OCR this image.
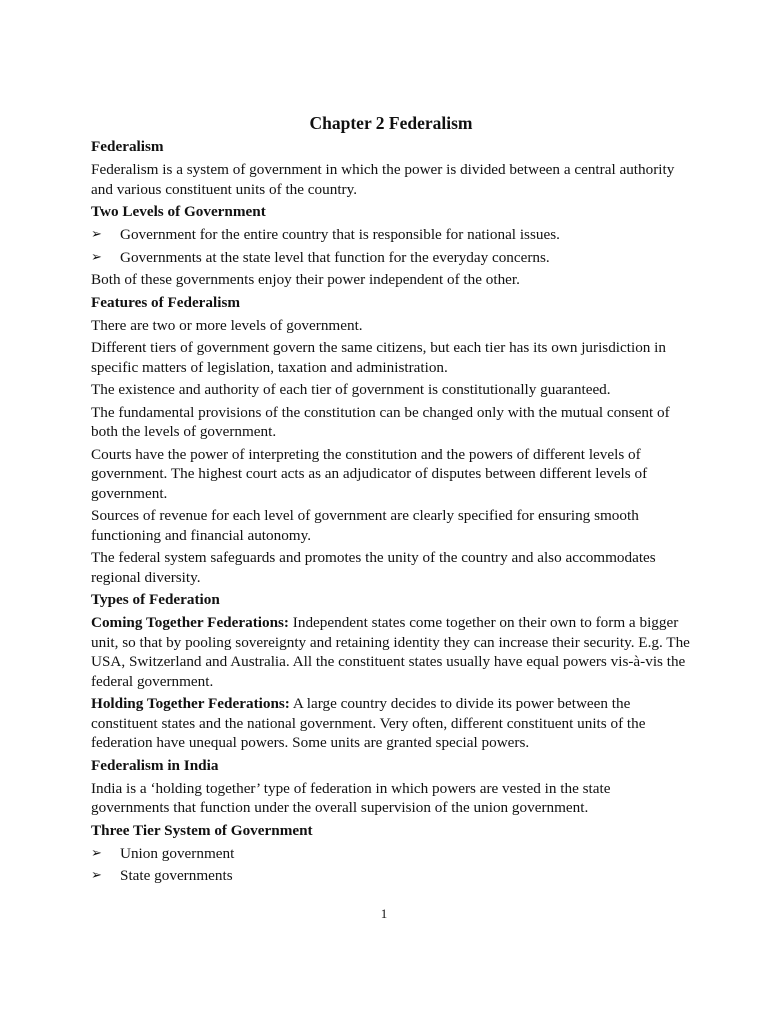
Chapter 2 Federalism
Federalism
Federalism is a system of government in which the power is divided between a central authority and various constituent units of the country.
Two Levels of Government
➢ Government for the entire country that is responsible for national issues.
➢ Governments at the state level that function for the everyday concerns.
Both of these governments enjoy their power independent of the other.
Features of Federalism
There are two or more levels of government.
Different tiers of government govern the same citizens, but each tier has its own jurisdiction in specific matters of legislation, taxation and administration.
The existence and authority of each tier of government is constitutionally guaranteed.
The fundamental provisions of the constitution can be changed only with the mutual consent of both the levels of government.
Courts have the power of interpreting the constitution and the powers of different levels of government. The highest court acts as an adjudicator of disputes between different levels of government.
Sources of revenue for each level of government are clearly specified for ensuring smooth functioning and financial autonomy.
The federal system safeguards and promotes the unity of the country and also accommodates regional diversity.
Types of Federation
Coming Together Federations: Independent states come together on their own to form a bigger unit, so that by pooling sovereignty and retaining identity they can increase their security. E.g. The USA, Switzerland and Australia. All the constituent states usually have equal powers vis-à-vis the federal government.
Holding Together Federations: A large country decides to divide its power between the constituent states and the national government. Very often, different constituent units of the federation have unequal powers. Some units are granted special powers.
Federalism in India
India is a ‘holding together’ type of federation in which powers are vested in the state governments that function under the overall supervision of the union government.
Three Tier System of Government
➢ Union government
➢ State governments
1
